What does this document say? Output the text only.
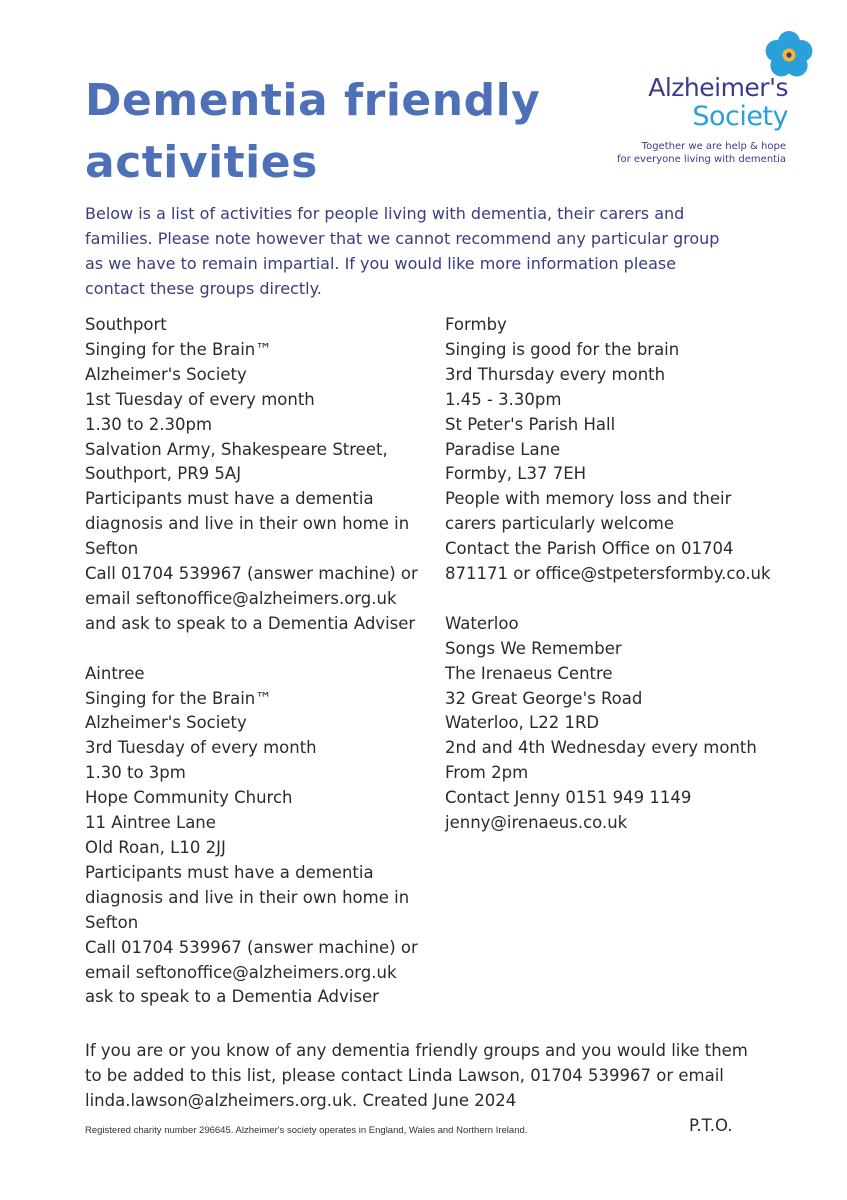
Dementia friendly
activities
Alzheimer's
Society
Together we are help & hope
for everyone living with dementia
Below is a list of activities for people living with dementia, their carers and
families. Please note however that we cannot recommend any particular group
as we have to remain impartial. If you would like more information please
contact these groups directly.
Southport
Singing for the Brain™
Alzheimer's Society
1st Tuesday of every month
1.30 to 2.30pm
Salvation Army, Shakespeare Street,
Southport, PR9 5AJ
Participants must have a dementia
diagnosis and live in their own home in
Sefton
Call 01704 539967 (answer machine) or
email seftonoffice@alzheimers.org.uk
and ask to speak to a Dementia Adviser
Aintree
Singing for the Brain™
Alzheimer's Society
3rd Tuesday of every month
1.30 to 3pm
Hope Community Church
11 Aintree Lane
Old Roan, L10 2JJ
Participants must have a dementia
diagnosis and live in their own home in
Sefton
Call 01704 539967 (answer machine) or
email seftonoffice@alzheimers.org.uk
ask to speak to a Dementia Adviser
Formby
Singing is good for the brain
3rd Thursday every month
1.45 - 3.30pm
St Peter's Parish Hall
Paradise Lane
Formby, L37 7EH
People with memory loss and their
carers particularly welcome
Contact the Parish Office on 01704
871171 or office@stpetersformby.co.uk
Waterloo
Songs We Remember
The Irenaeus Centre
32 Great George's Road
Waterloo, L22 1RD
2nd and 4th Wednesday every month
From 2pm
Contact Jenny 0151 949 1149
jenny@irenaeus.co.uk
If you are or you know of any dementia friendly groups and you would like them
to be added to this list, please contact Linda Lawson, 01704 539967 or email
linda.lawson@alzheimers.org.uk. Created June 2024
P.T.O.
Registered charity number 296645. Alzheimer's society operates in England, Wales and Northern Ireland.
